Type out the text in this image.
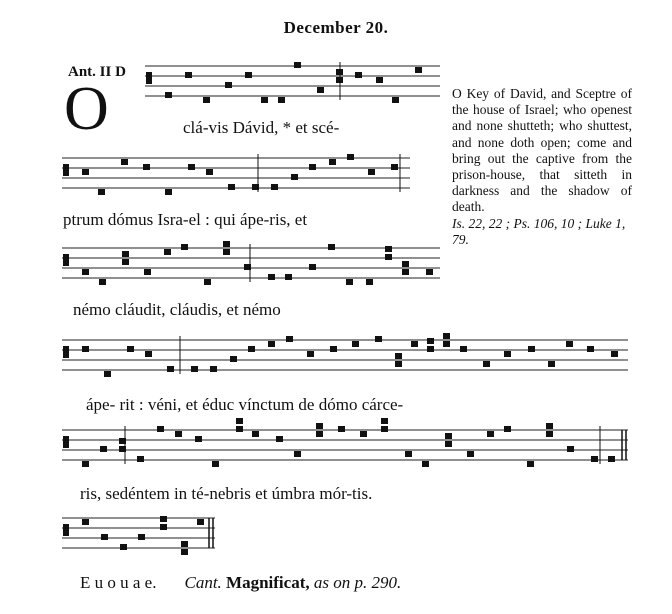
December 20.
Ant. II D
O	clá-vis Dávid, * et scé-
ptrum dómus Isra-el : qui ápe-ris, et
némo cláudit, cláudis, et némo
ápe- rit : véni, et éduc vínctum de dómo cárce-
ris, sedéntem in té-nebris et úmbra mór-tis.
O Key of David, and Sceptre of the house of Israel; who openest and none shutteth; who shuttest, and none doth open; come and bring out the captive from the prison-house, that sitteth in darkness and the shadow of death.
Is. 22, 22 ; Ps. 106, 10 ; Luke 1, 79.
E u o u a e. Cant. Magnificat, as on p. 290.
